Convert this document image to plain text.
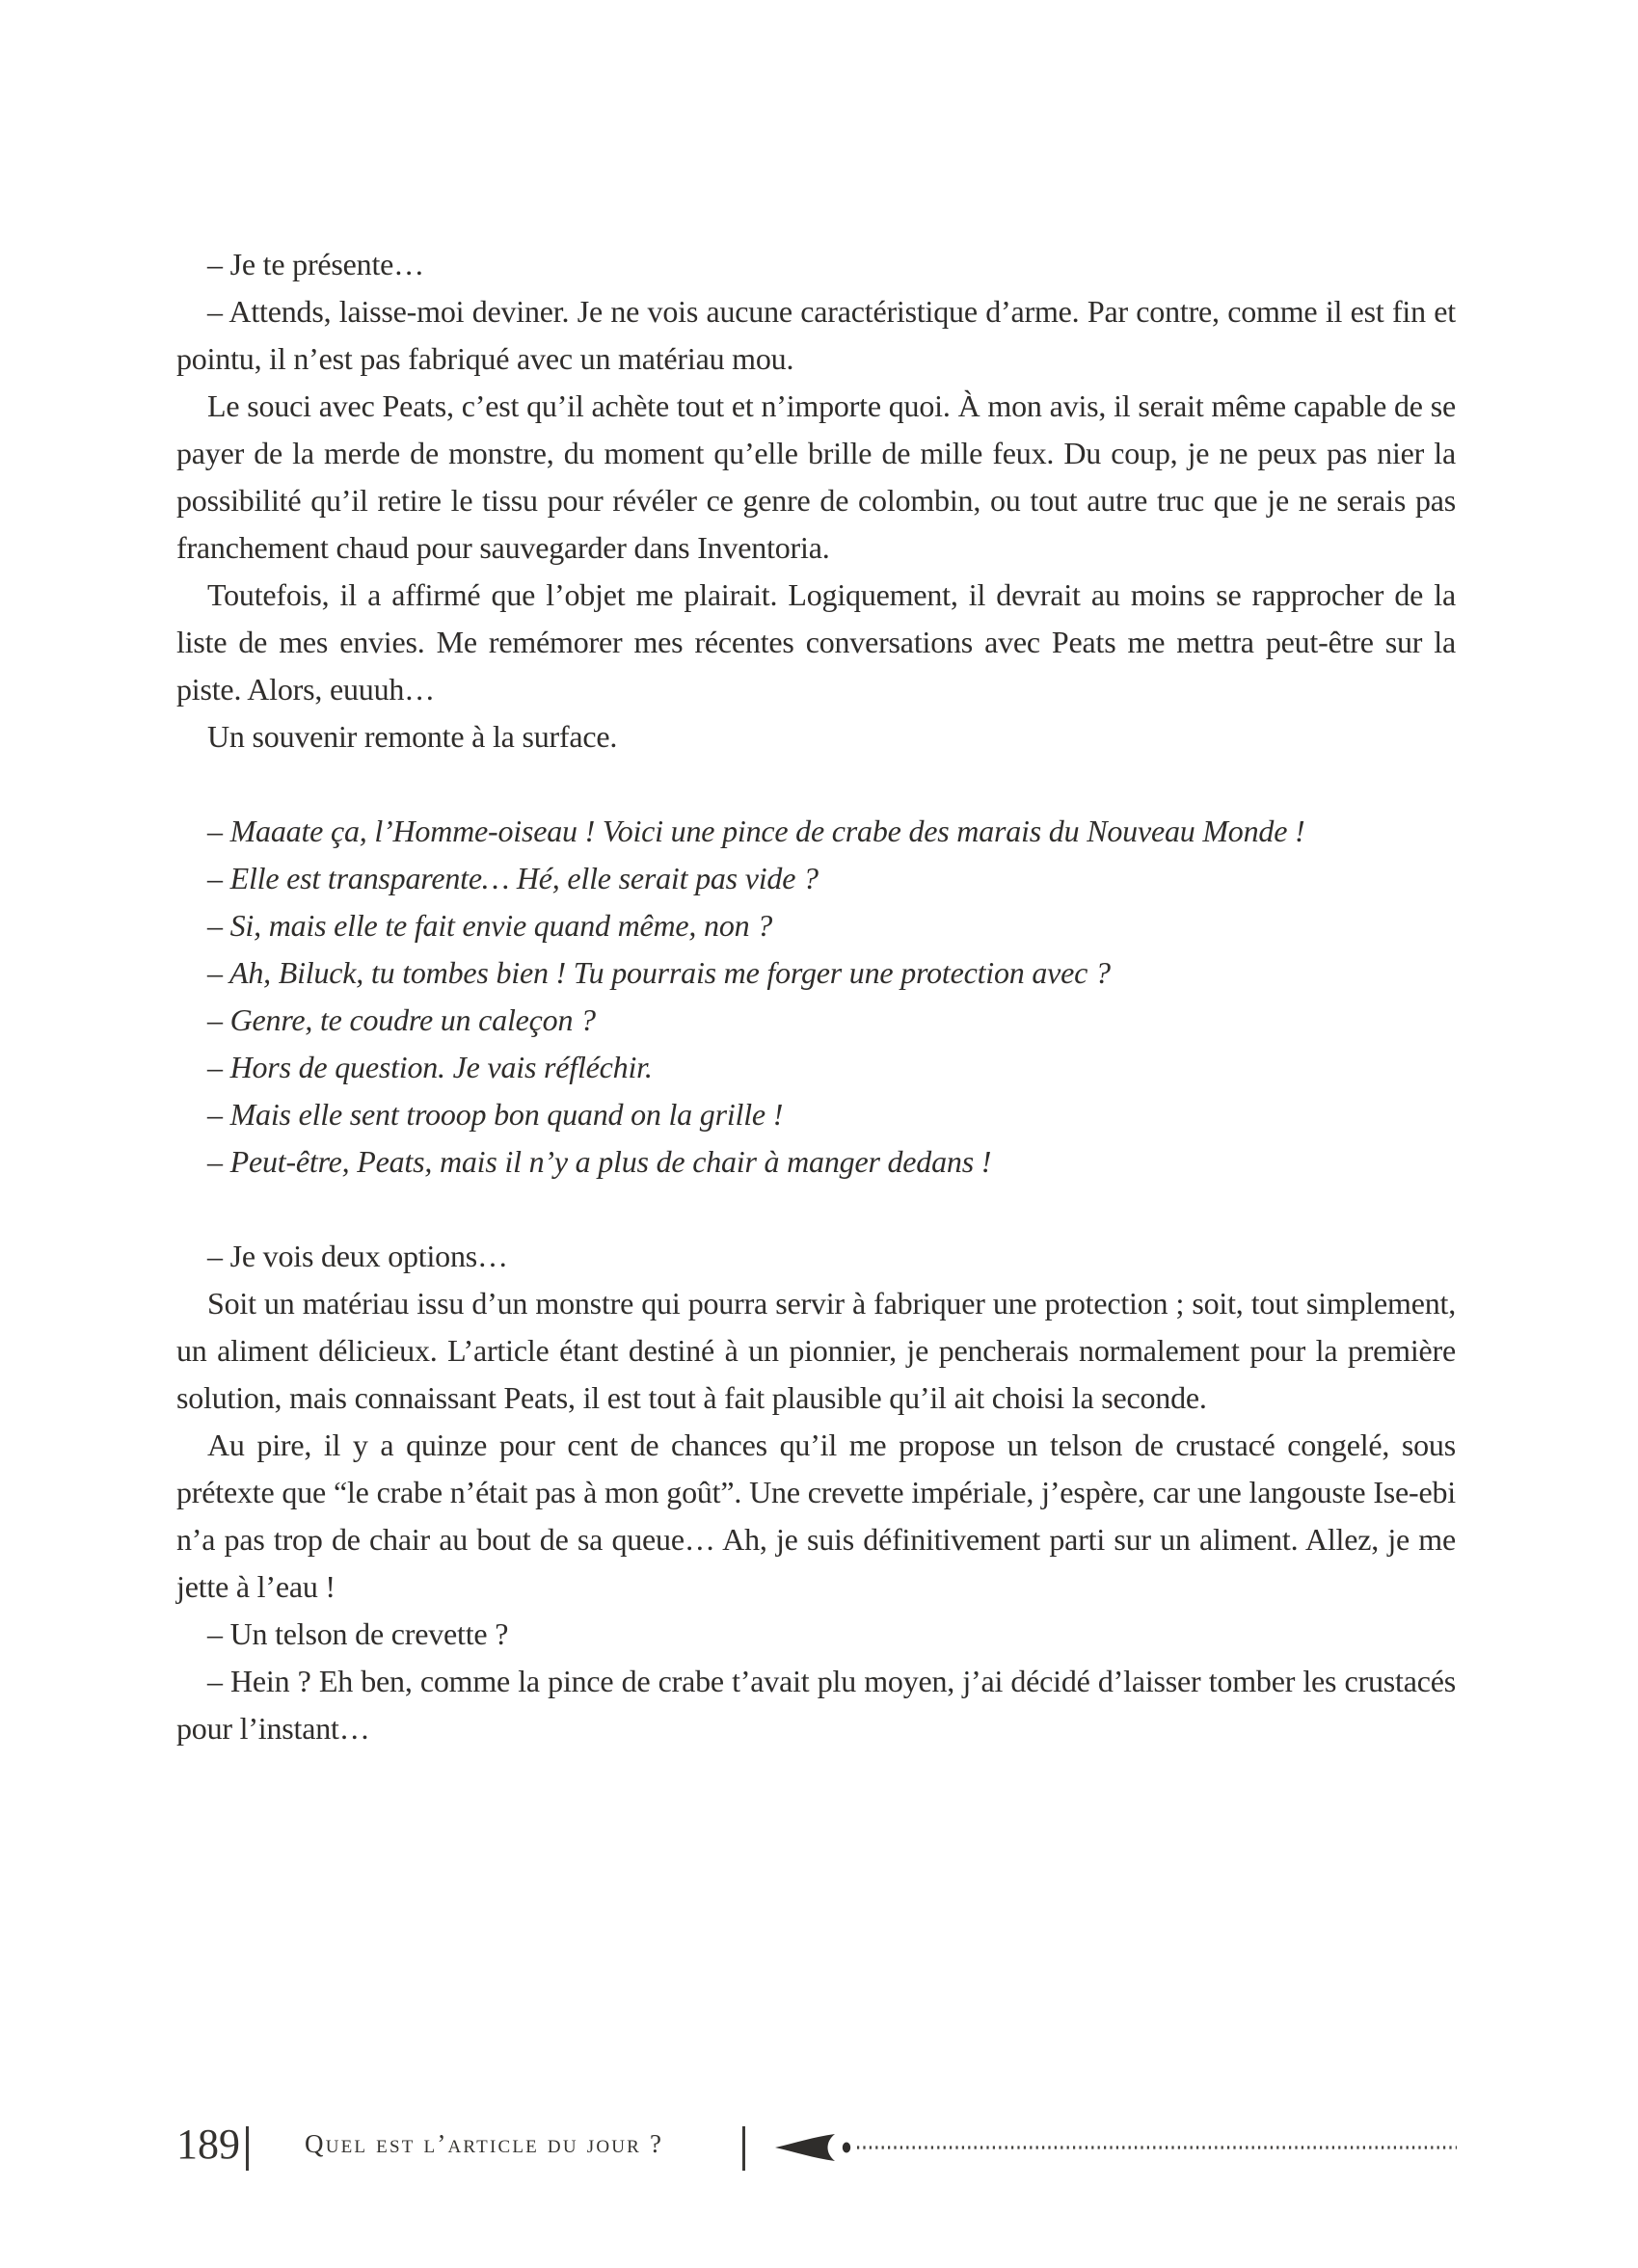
– Je te présente…

– Attends, laisse-moi deviner. Je ne vois aucune caractéristique d’arme. Par contre, comme il est fin et pointu, il n’est pas fabriqué avec un matériau mou.

Le souci avec Peats, c’est qu’il achète tout et n’importe quoi. À mon avis, il serait même capable de se payer de la merde de monstre, du moment qu’elle brille de mille feux. Du coup, je ne peux pas nier la possibilité qu’il retire le tissu pour révéler ce genre de colombin, ou tout autre truc que je ne serais pas franchement chaud pour sauvegarder dans Inventoria.

Toutefois, il a affirmé que l’objet me plairait. Logiquement, il devrait au moins se rapprocher de la liste de mes envies. Me remémorer mes récentes conversations avec Peats me mettra peut-être sur la piste. Alors, euuuh…

Un souvenir remonte à la surface.

– Maaate ça, l’Homme-oiseau ! Voici une pince de crabe des marais du Nouveau Monde !

– Elle est transparente… Hé, elle serait pas vide ?

– Si, mais elle te fait envie quand même, non ?

– Ah, Biluck, tu tombes bien ! Tu pourrais me forger une protection avec ?

– Genre, te coudre un caleçon ?

– Hors de question. Je vais réfléchir.

– Mais elle sent trooop bon quand on la grille !

– Peut-être, Peats, mais il n’y a plus de chair à manger dedans !

– Je vois deux options…

Soit un matériau issu d’un monstre qui pourra servir à fabriquer une protection ; soit, tout simplement, un aliment délicieux. L’article étant destiné à un pionnier, je pencherais normalement pour la première solution, mais connaissant Peats, il est tout à fait plausible qu’il ait choisi la seconde.

Au pire, il y a quinze pour cent de chances qu’il me propose un telson de crustacé congelé, sous prétexte que “le crabe n’était pas à mon goût”. Une crevette impériale, j’espère, car une langouste Ise-ebi n’a pas trop de chair au bout de sa queue… Ah, je suis définitivement parti sur un aliment. Allez, je me jette à l’eau !

– Un telson de crevette ?

– Hein ? Eh ben, comme la pince de crabe t’avait plu moyen, j’ai décidé d’laisser tomber les crustacés pour l’instant…

189 Quel est l’article du jour ?
